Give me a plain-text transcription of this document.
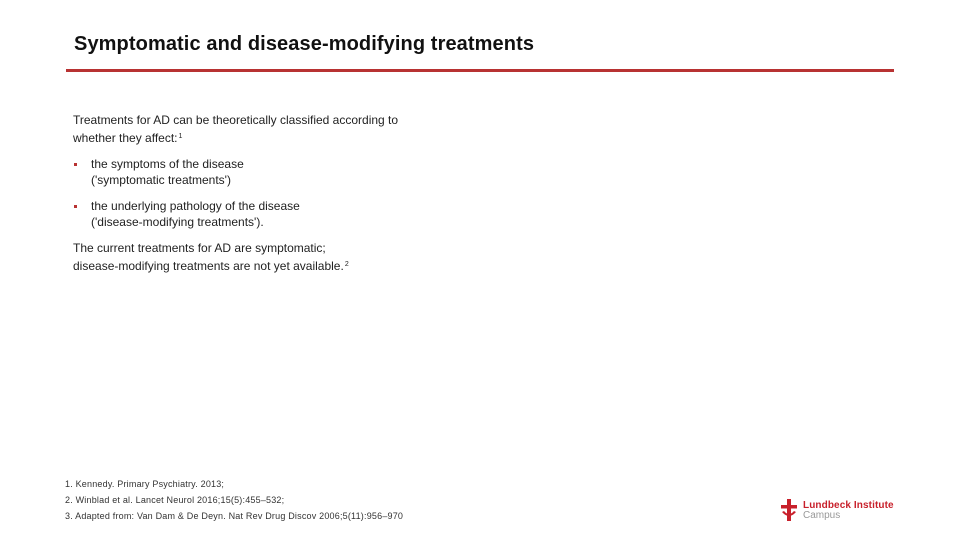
Symptomatic and disease-modifying treatments

Treatments for AD can be theoretically classified according to
whether they affect:$^1$

the symptoms of the disease
('symptomatic treatments')
the underlying pathology of the disease
('disease-modifying treatments').

The current treatments for AD are symptomatic;
disease-modifying treatments are not yet available.$^2$

1. Kennedy. Primary Psychiatry. 2013;
2. Winblad et al. Lancet Neurol 2016;15(5):455–532;
3. Adapted from: Van Dam & De Deyn. Nat Rev Drug Discov 2006;5(11):956–970
Lundbeck Institute
Campus
